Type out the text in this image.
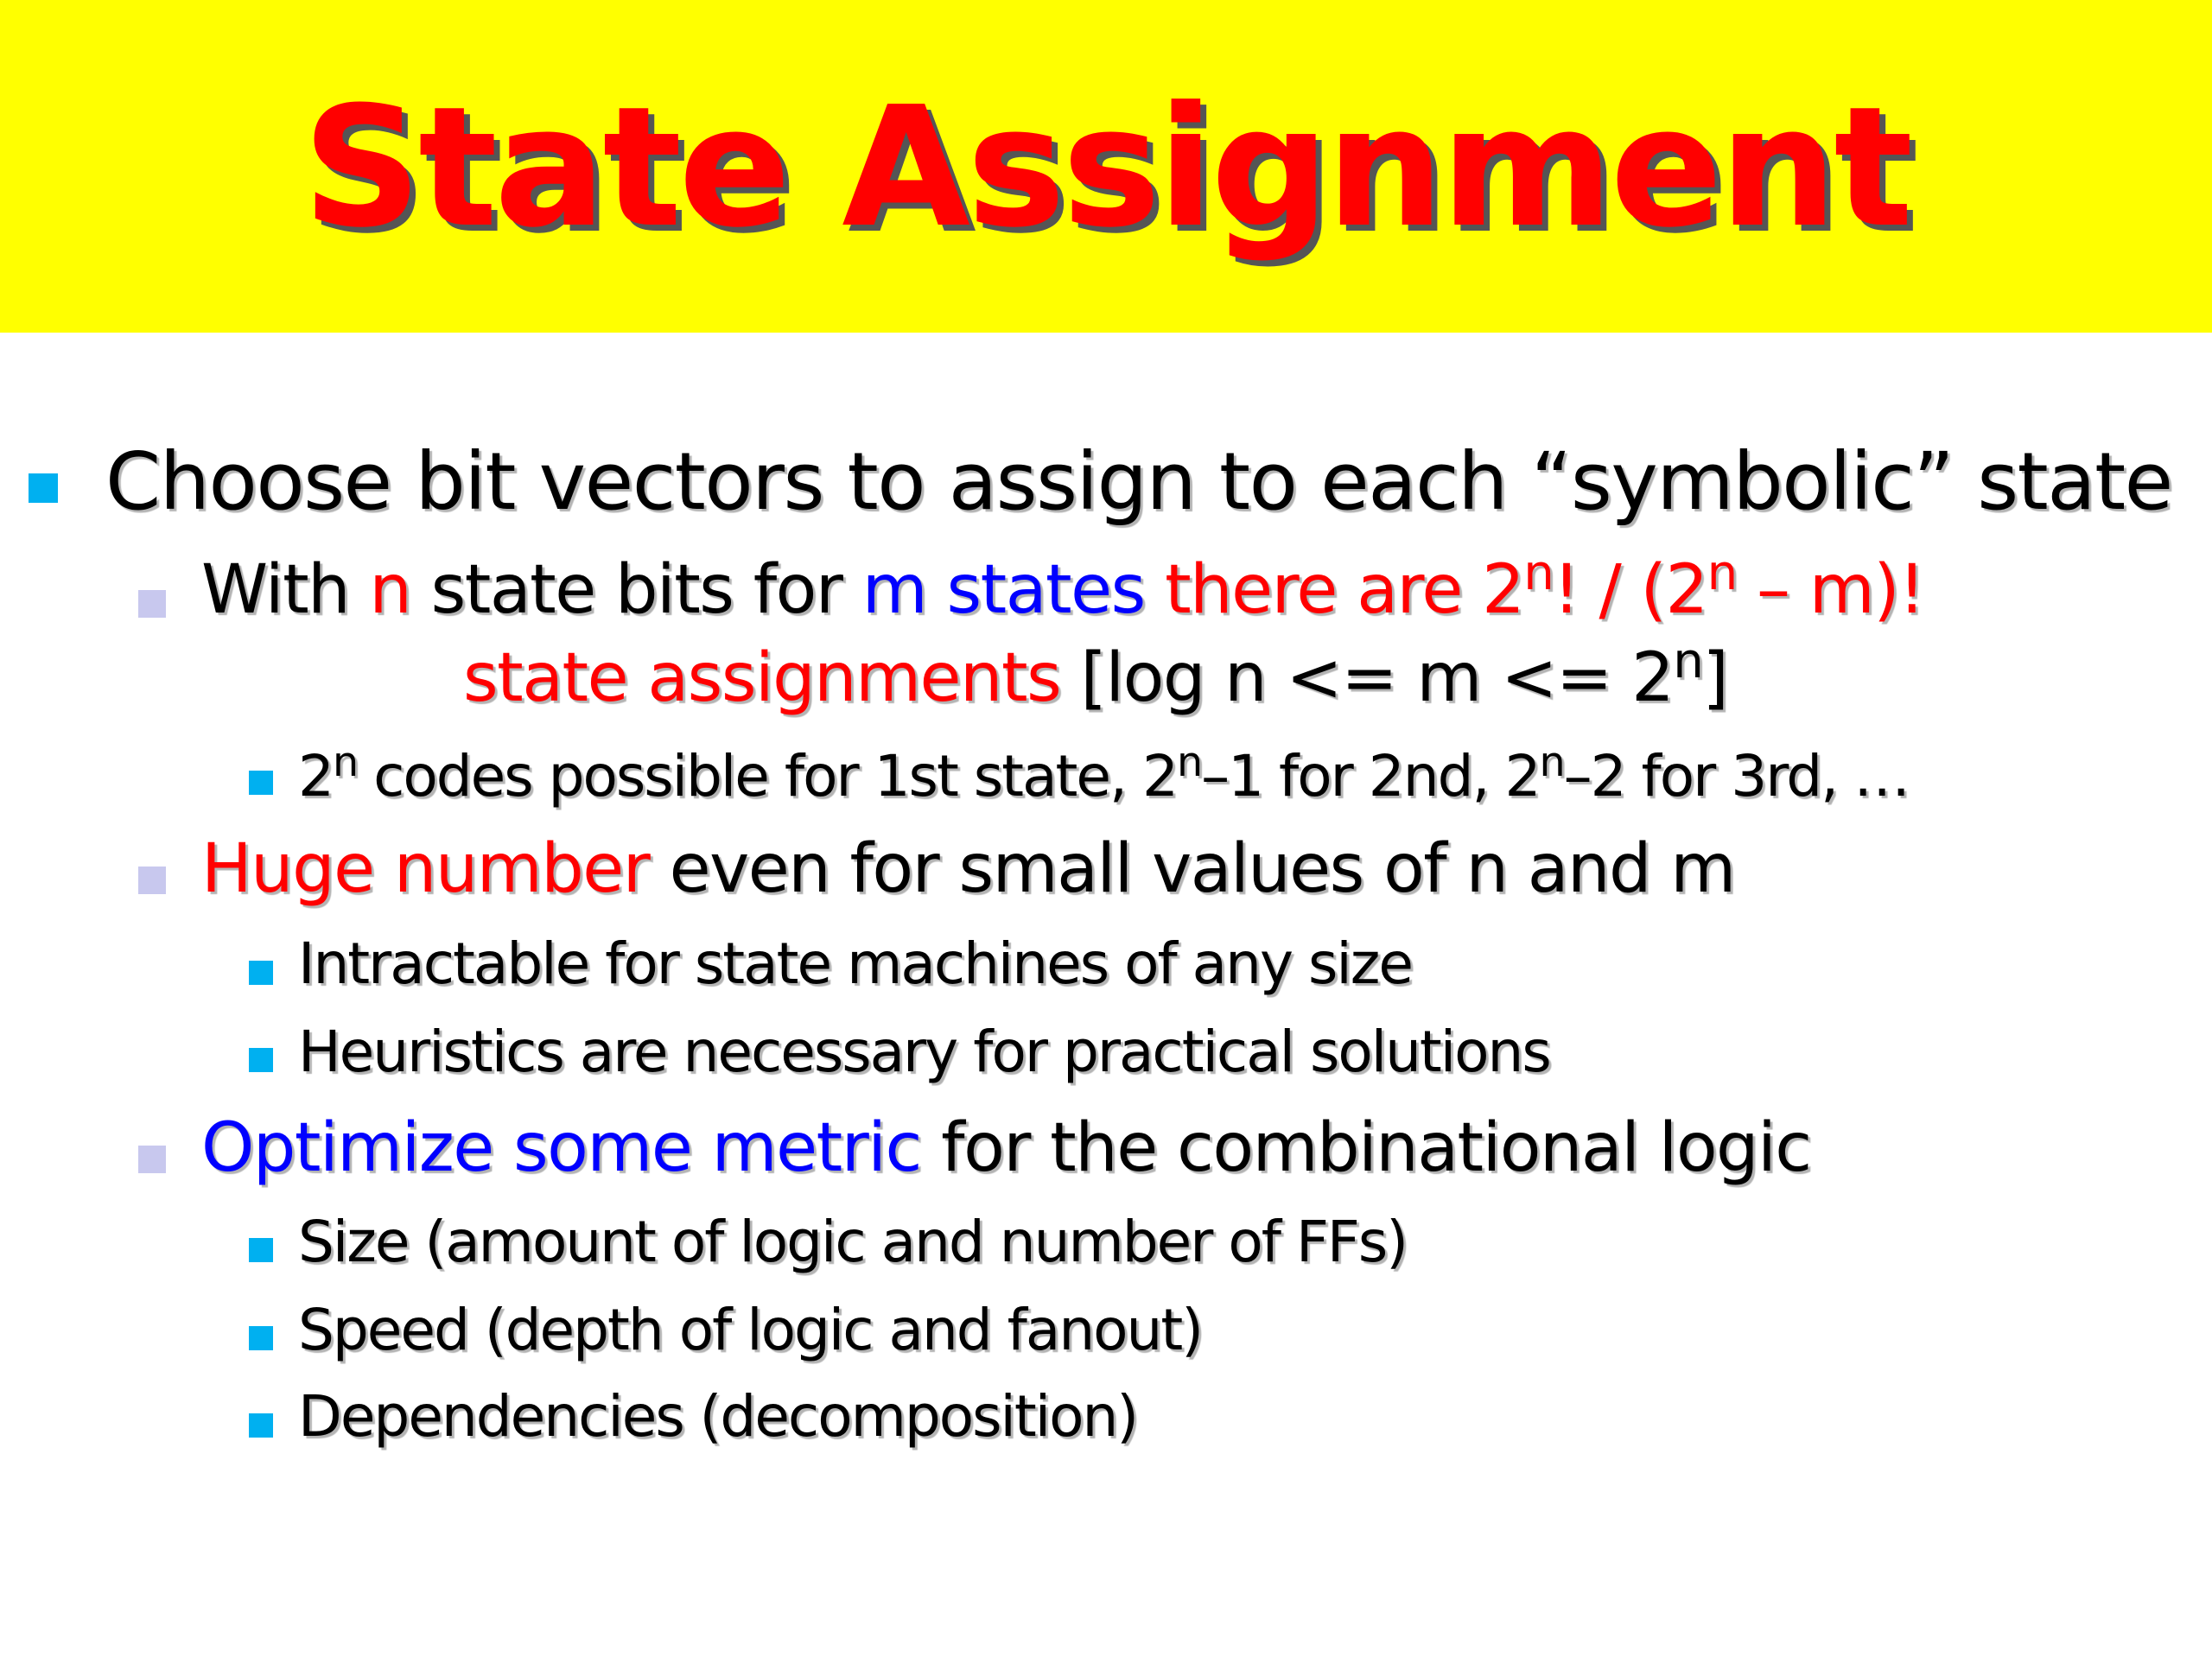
State Assignment
Choose bit vectors to assign to each “symbolic” state
With n state bits for m states there are 2$^n$! / (2$^n$ – m)!
state assignments [log $n <= m <= 2^n$]
2$^n$ codes possible for 1st state, 2$^n$–1 for 2nd, 2$^n$–2 for 3rd, …
Huge number even for small values of n and m
Intractable for state machines of any size
Heuristics are necessary for practical solutions
Optimize some metric for the combinational logic
Size (amount of logic and number of FFs)
Speed (depth of logic and fanout)
Dependencies (decomposition)
